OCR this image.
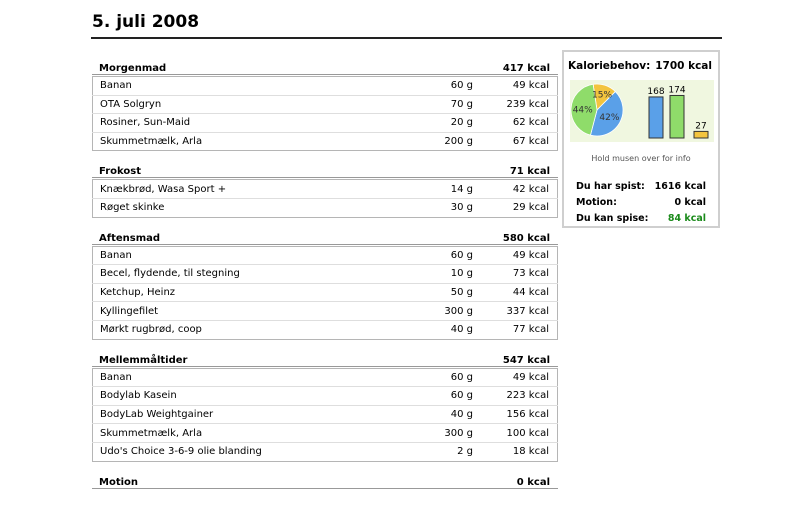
5. juli 2008
Morgenmad	417 kcal
Banan	60 g	49 kcal
OTA Solgryn	70 g	239 kcal
Rosiner, Sun-Maid	20 g	62 kcal
Skummetmælk, Arla	200 g	67 kcal
Frokost	71 kcal
Knækbrød, Wasa Sport +	14 g	42 kcal
Røget skinke	30 g	29 kcal
Aftensmad	580 kcal
Banan	60 g	49 kcal
Becel, flydende, til stegning	10 g	73 kcal
Ketchup, Heinz	50 g	44 kcal
Kyllingefilet	300 g	337 kcal
Mørkt rugbrød, coop	40 g	77 kcal
Mellemmåltider	547 kcal
Banan	60 g	49 kcal
Bodylab Kasein	60 g	223 kcal
BodyLab Weightgainer	40 g	156 kcal
Skummetmælk, Arla	300 g	100 kcal
Udo's Choice 3-6-9 olie blanding	2 g	18 kcal
Motion	0 kcal
Kaloriebehov: 1700 kcal
15%
42%
44%
168 174
27
Hold musen over for info
Du har spist: 1616 kcal
Motion:	0 kcal
Du kan spise: 84 kcal
